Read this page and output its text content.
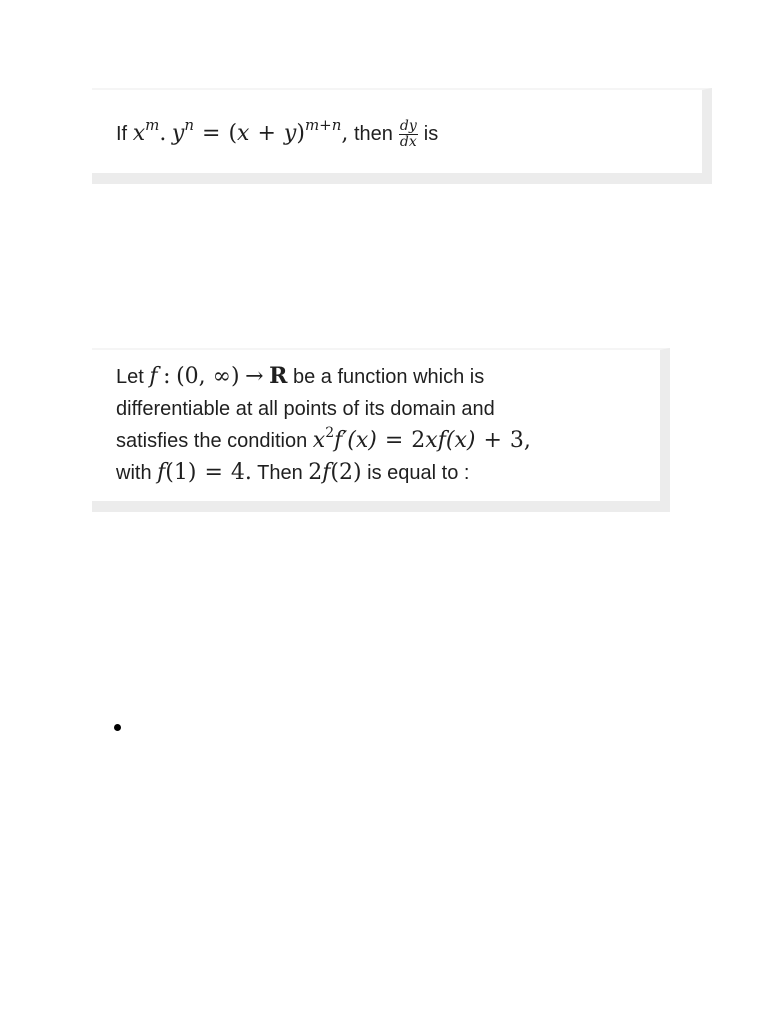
If $x^m$. $y^n = (x + y)^{m+n}$, then $\frac{dy}{dx}$ is
Let f : (0, ∞) → R be a function which is
differentiable at all points of its domain and
satisfies the condition $x^2f'(x) = 2xf(x) + 3$,
with f(1) = 4. Then 2f(2) is equal to :
